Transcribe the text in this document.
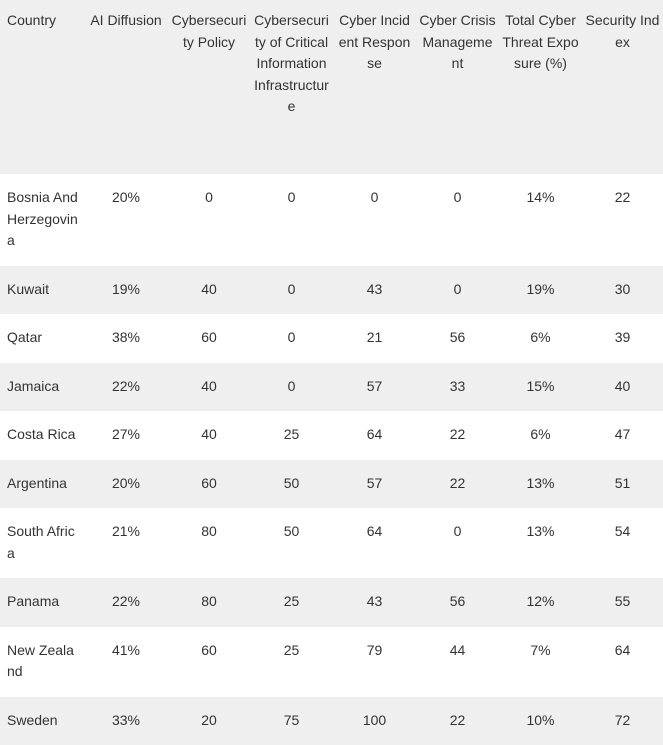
Country	AI Diffusion	Cybersecurity Policy	Cybersecurity of Critical Information Infrastructure	Cyber Incident Response	Cyber Crisis Management	Total Cyber Threat Exposure (%)	Security Index
Bosnia And Herzegovina	20%	0	0	0	0	14%	22
Kuwait	19%	40	0	43	0	19%	30
Qatar	38%	60	0	21	56	6%	39
Jamaica	22%	40	0	57	33	15%	40
Costa Rica	27%	40	25	64	22	6%	47
Argentina	20%	60	50	57	22	13%	51
South Africa	21%	80	50	64	0	13%	54
Panama	22%	80	25	43	56	12%	55
New Zealand	41%	60	25	79	44	7%	64
Sweden	33%	20	75	100	22	10%	72
